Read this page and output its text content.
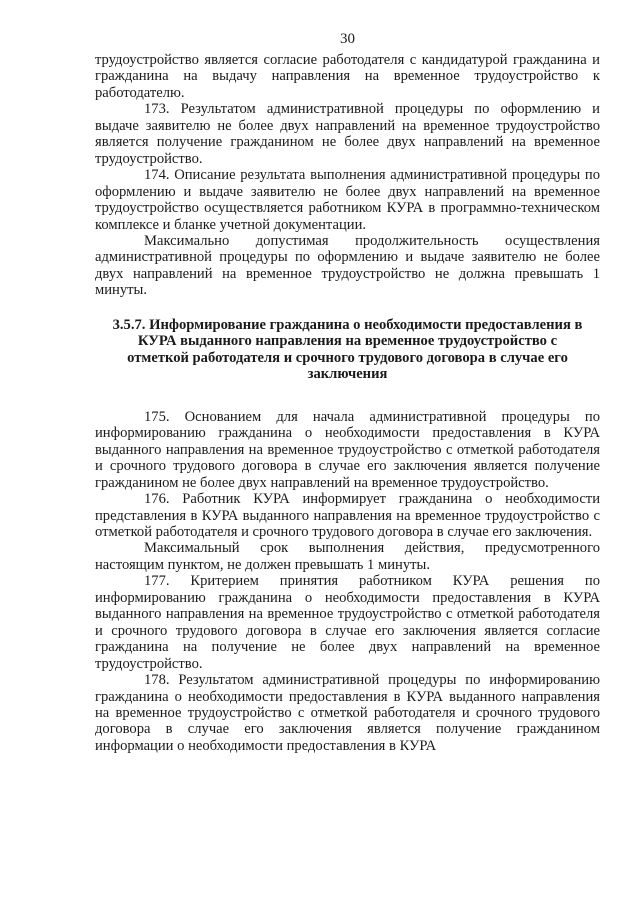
30

трудоустройство является согласие работодателя с кандидатурой гражданина и гражданина на выдачу направления на временное трудоустройство к работодателю.

173. Результатом административной процедуры по оформлению и выдаче заявителю не более двух направлений на временное трудоустройство является получение гражданином не более двух направлений на временное трудоустройство.

174. Описание результата выполнения административной процедуры по оформлению и выдаче заявителю не более двух направлений на временное трудоустройство осуществляется работником КУРА в программно-техническом комплексе и бланке учетной документации.

Максимально допустимая продолжительность осуществления административной процедуры по оформлению и выдаче заявителю не более двух направлений на временное трудоустройство не должна превышать 1 минуты.

3.5.7. Информирование гражданина о необходимости предоставления в КУРА выданного направления на временное трудоустройство с отметкой работодателя и срочного трудового договора в случае его заключения

175. Основанием для начала административной процедуры по информированию гражданина о необходимости предоставления в КУРА выданного направления на временное трудоустройство с отметкой работодателя и срочного трудового договора в случае его заключения является получение гражданином не более двух направлений на временное трудоустройство.

176. Работник КУРА информирует гражданина о необходимости представления в КУРА выданного направления на временное трудоустройство с отметкой работодателя и срочного трудового договора в случае его заключения.

Максимальный срок выполнения действия, предусмотренного настоящим пунктом, не должен превышать 1 минуты.

177. Критерием принятия работником КУРА решения по информированию гражданина о необходимости предоставления в КУРА выданного направления на временное трудоустройство с отметкой работодателя и срочного трудового договора в случае его заключения является согласие гражданина на получение не более двух направлений на временное трудоустройство.

178. Результатом административной процедуры по информированию гражданина о необходимости предоставления в КУРА выданного направления на временное трудоустройство с отметкой работодателя и срочного трудового договора в случае его заключения является получение гражданином информации о необходимости предоставления в КУРА
